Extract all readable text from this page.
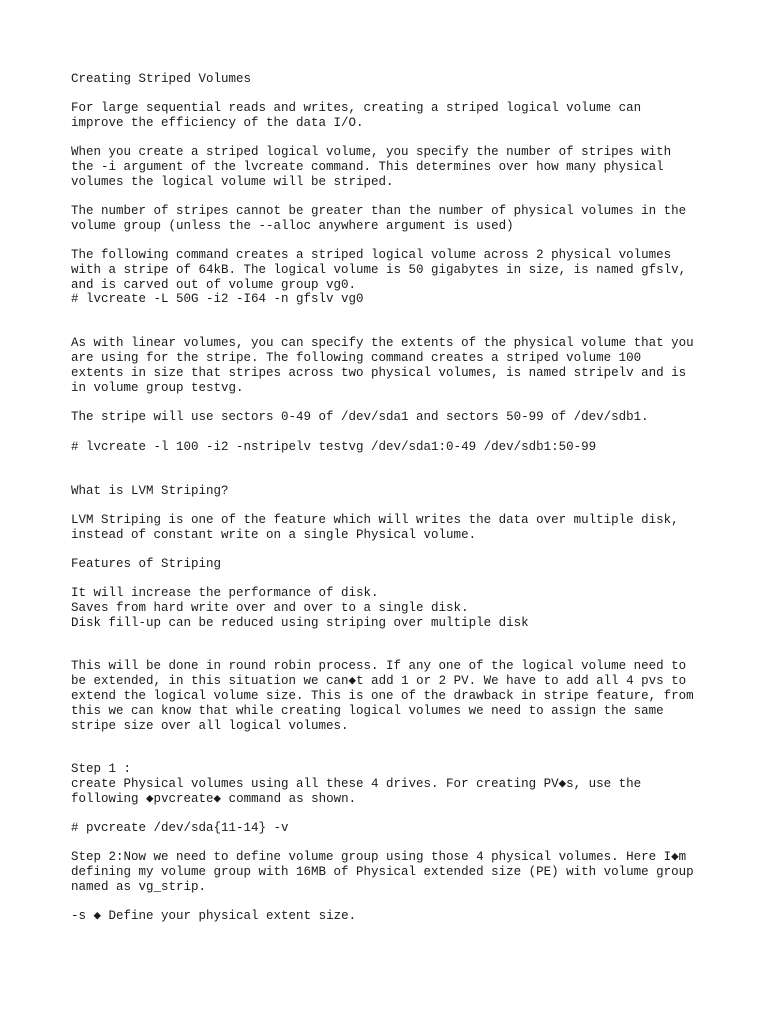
Creating Striped Volumes

For large sequential reads and writes, creating a striped logical volume can

improve the efficiency of the data I/O.

When you create a striped logical volume, you specify the number of stripes with

the -i argument of the lvcreate command. This determines over how many physical

volumes the logical volume will be striped.

The number of stripes cannot be greater than the number of physical volumes in the

volume group (unless the --alloc anywhere argument is used)

The following command creates a striped logical volume across 2 physical volumes

with a stripe of 64kB. The logical volume is 50 gigabytes in size, is named gfslv,

and is carved out of volume group vg0.

# lvcreate -L 50G -i2 -I64 -n gfslv vg0

As with linear volumes, you can specify the extents of the physical volume that you

are using for the stripe. The following command creates a striped volume 100

extents in size that stripes across two physical volumes, is named stripelv and is

in volume group testvg.

The stripe will use sectors 0-49 of /dev/sda1 and sectors 50-99 of /dev/sdb1.

# lvcreate -l 100 -i2 -nstripelv testvg /dev/sda1:0-49 /dev/sdb1:50-99

What is LVM Striping?

LVM Striping is one of the feature which will writes the data over multiple disk,

instead of constant write on a single Physical volume.

Features of Striping

It will increase the performance of disk.

Saves from hard write over and over to a single disk.

Disk fill-up can be reduced using striping over multiple disk

This will be done in round robin process. If any one of the logical volume need to

be extended, in this situation we can◆t add 1 or 2 PV. We have to add all 4 pvs to

extend the logical volume size. This is one of the drawback in stripe feature, from

this we can know that while creating logical volumes we need to assign the same

stripe size over all logical volumes.

Step 1 :

create Physical volumes using all these 4 drives. For creating PV◆s, use the

following ◆pvcreate◆ command as shown.

# pvcreate /dev/sda{11-14} -v

Step 2:Now we need to define volume group using those 4 physical volumes. Here I◆m

defining my volume group with 16MB of Physical extended size (PE) with volume group

named as vg_strip.

-s ◆ Define your physical extent size.
